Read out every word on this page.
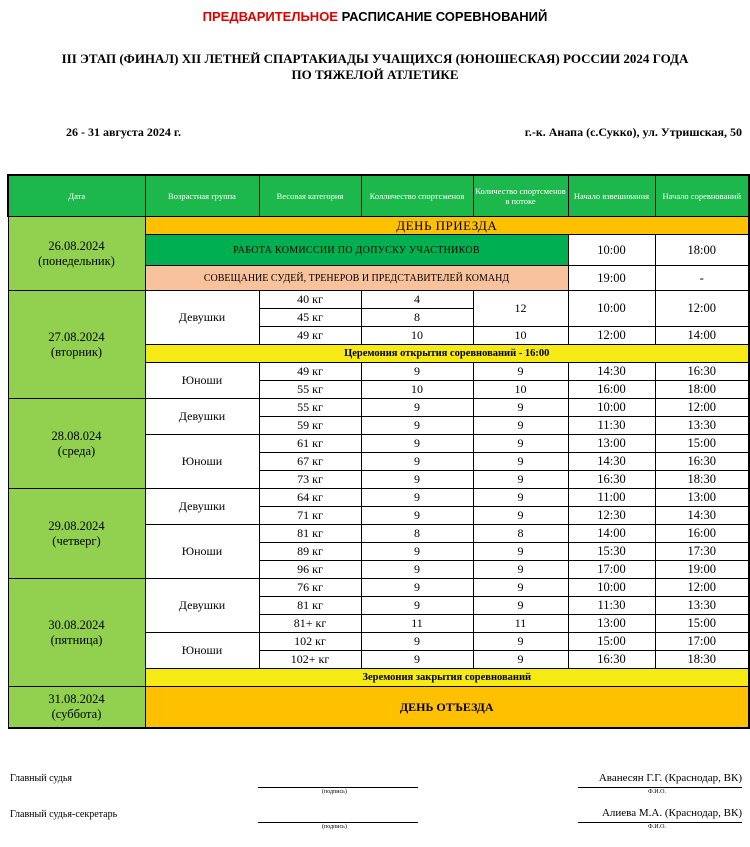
ПРЕДВАРИТЕЛЬНОЕ РАСПИСАНИЕ СОРЕВНОВАНИЙ
III ЭТАП (ФИНАЛ) XII ЛЕТНЕЙ СПАРТАКИАДЫ УЧАЩИХСЯ (ЮНОШЕСКАЯ) РОССИИ 2024 ГОДА
ПО ТЯЖЕЛОЙ АТЛЕТИКЕ
26 - 31 августа 2024 г.	г.-к. Анапа (с.Сукко), ул. Утришская, 50
Дата	Возрастная группа	Весовая категория	Колличество спортсменов	Количество спортсменов в потоке	Начало взвешивания	Начало соревнований
26.08.2024
(понедельник)	ДЕНЬ ПРИЕЗДА					
	РАБОТА КОМИССИИ ПО ДОПУСКУ УЧАСТНИКОВ				10:00	18:00
	СОВЕЩАНИЕ СУДЕЙ, ТРЕНЕРОВ И ПРЕДСТАВИТЕЛЕЙ КОМАНД				19:00	-
27.08.2024
(вторник)	Девушки	40 кг	4	12	10:00	12:00
		45 кг	8			
		49 кг	10	10	12:00	14:00
	Церемония открытия соревнований - 16:00					
	Юноши	49 кг	9	9	14:30	16:30
		55 кг	10	10	16:00	18:00
28.08.024
(среда)	Девушки	55 кг	9	9	10:00	12:00
		59 кг	9	9	11:30	13:30
	Юноши	61 кг	9	9	13:00	15:00
		67 кг	9	9	14:30	16:30
		73 кг	9	9	16:30	18:30
29.08.2024
(четверг)	Девушки	64 кг	9	9	11:00	13:00
		71 кг	9	9	12:30	14:30
	Юноши	81 кг	8	8	14:00	16:00
		89 кг	9	9	15:30	17:30
		96 кг	9	9	17:00	19:00
30.08.2024
(пятница)	Девушки	76 кг	9	9	10:00	12:00
		81 кг	9	9	11:30	13:30
		81+ кг	11	11	13:00	15:00
	Юноши	102 кг	9	9	15:00	17:00
		102+ кг	9	9	16:30	18:30
	Зеремония закрытия соревнований					
31.08.2024
(суббота)	ДЕНЬ ОТЪЕЗДА					
Главный судья
(подпись)
Аванесян Г.Г. (Краснодар, ВК)
Ф.И.О.
Главный судья-секретарь
(подпись)
Алиева М.А. (Краснодар, ВК)
Ф.И.О.
